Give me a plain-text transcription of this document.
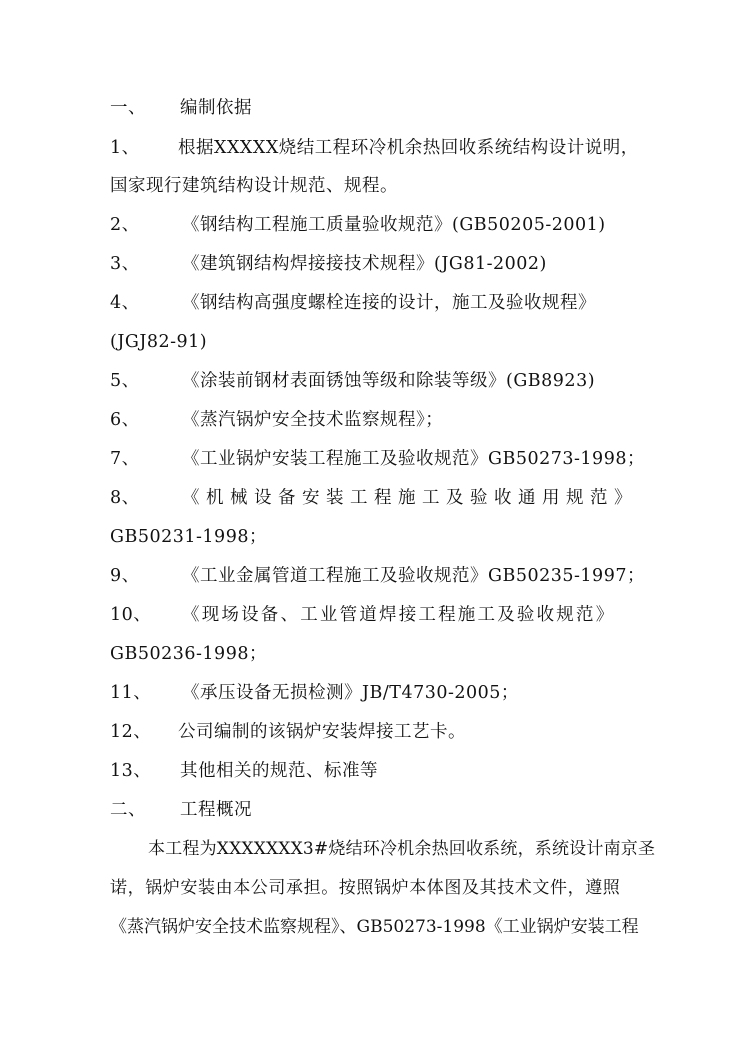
一、 编制依据
1、 根据XXXXX烧结工程环冷机余热回收系统结构设计说明，
国家现行建筑结构设计规范、规程。
2、 《钢结构工程施工质量验收规范》(GB50205-2001)
3、 《建筑钢结构焊接接技术规程》(JG81-2002)
4、 《钢结构高强度螺栓连接的设计，施工及验收规程》
(JGJ82-91)
5、 《涂装前钢材表面锈蚀等级和除装等级》(GB8923)
6、 《蒸汽锅炉安全技术监察规程》；
7、 《工业锅炉安装工程施工及验收规范》GB50273-1998；
8、 《机械设备安装工程施工及验收通用规范》
GB50231-1998；
9、 《工业金属管道工程施工及验收规范》GB50235-1997；
10、 《现场设备、工业管道焊接工程施工及验收规范》
GB50236-1998；
11、 《承压设备无损检测》JB/T4730-2005；
12、 公司编制的该锅炉安装焊接工艺卡。
13、 其他相关的规范、标准等
二、 工程概况
本工程为XXXXXXX3#烧结环冷机余热回收系统，系统设计南京圣
诺，锅炉安装由本公司承担。按照锅炉本体图及其技术文件，遵照
《蒸汽锅炉安全技术监察规程》、GB50273-1998《工业锅炉安装工程
